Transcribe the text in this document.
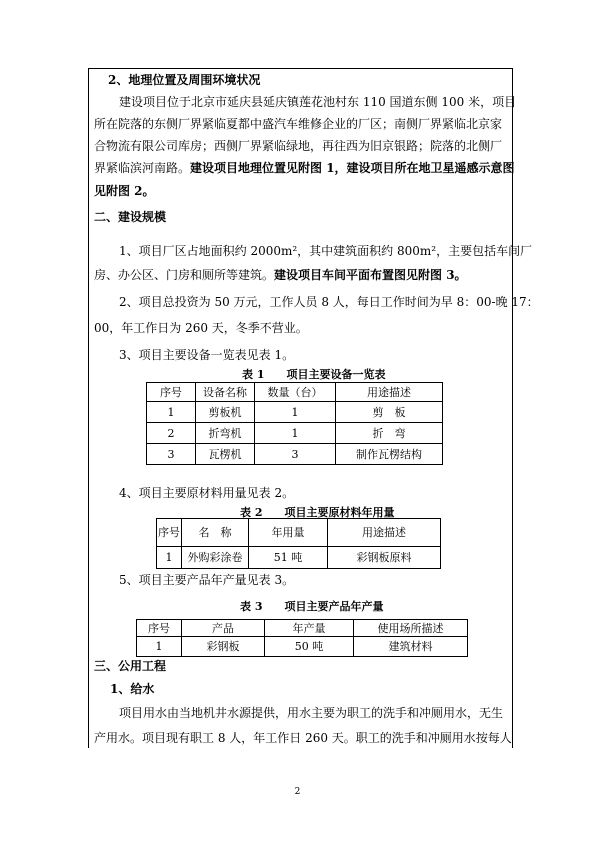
2、地理位置及周围环境状况
建设项目位于北京市延庆县延庆镇莲花池村东 110 国道东侧 100 米，项目
所在院落的东侧厂界紧临夏都中盛汽车维修企业的厂区；南侧厂界紧临北京家
合物流有限公司库房；西侧厂界紧临绿地，再往西为旧京银路；院落的北侧厂
界紧临滨河南路。建设项目地理位置见附图 1，建设项目所在地卫星遥感示意图
见附图 2。
二、建设规模
1、项目厂区占地面积约 2000m²，其中建筑面积约 800m²，主要包括车间厂
房、办公区、门房和厕所等建筑。建设项目车间平面布置图见附图 3。
2、项目总投资为 50 万元，工作人员 8 人，每日工作时间为早 8：00-晚 17：
00，年工作日为 260 天，冬季不营业。
3、项目主要设备一览表见表 1。
表 1　　项目主要设备一览表
序号	设备名称	数量（台）	用途描述
1	剪板机	1	剪　板
2	折弯机	1	折　弯
3	瓦楞机	3	制作瓦楞结构
4、项目主要原材料用量见表 2。
表 2　　项目主要原材料年用量
序号	名　称	年用量	用途描述
1	外购彩涂卷	51 吨	彩钢板原料
5、项目主要产品年产量见表 3。
表 3　　项目主要产品年产量
序号	产品	年产量	使用场所描述
1	彩钢板	50 吨	建筑材料
三、公用工程
1、给水
项目用水由当地机井水源提供，用水主要为职工的洗手和冲厕用水，无生
产用水。项目现有职工 8 人，年工作日 260 天。职工的洗手和冲厕用水按每人
2
